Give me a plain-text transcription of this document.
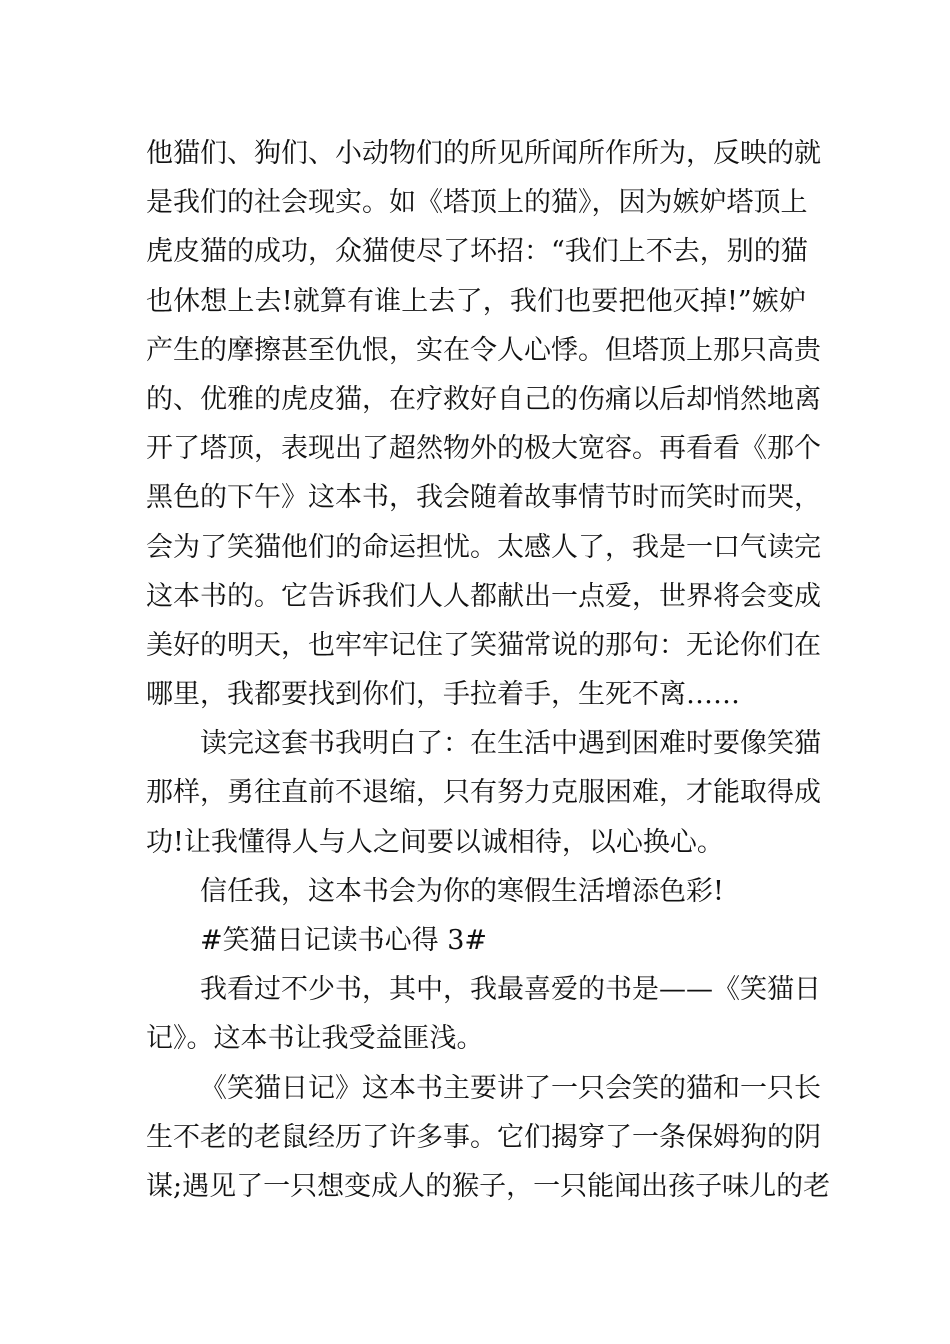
他猫们、狗们、小动物们的所见所闻所作所为，反映的就
是我们的社会现实。如《塔顶上的猫》，因为嫉妒塔顶上
虎皮猫的成功，众猫使尽了坏招：“我们上不去，别的猫
也休想上去!就算有谁上去了，我们也要把他灭掉!”嫉妒
产生的摩擦甚至仇恨，实在令人心悸。但塔顶上那只高贵
的、优雅的虎皮猫，在疗救好自己的伤痛以后却悄然地离
开了塔顶，表现出了超然物外的极大宽容。再看看《那个
黑色的下午》这本书，我会随着故事情节时而笑时而哭，
会为了笑猫他们的命运担忧。太感人了，我是一口气读完
这本书的。它告诉我们人人都献出一点爱，世界将会变成
美好的明天，也牢牢记住了笑猫常说的那句：无论你们在
哪里，我都要找到你们，手拉着手，生死不离……
读完这套书我明白了：在生活中遇到困难时要像笑猫
那样，勇往直前不退缩，只有努力克服困难，才能取得成
功!让我懂得人与人之间要以诚相待，以心换心。
信任我，这本书会为你的寒假生活增添色彩!
#笑猫日记读书心得 3#
我看过不少书，其中，我最喜爱的书是——《笑猫日
记》。这本书让我受益匪浅。
《笑猫日记》这本书主要讲了一只会笑的猫和一只长
生不老的老鼠经历了许多事。它们揭穿了一条保姆狗的阴
谋;遇见了一只想变成人的猴子，一只能闻出孩子味儿的老
